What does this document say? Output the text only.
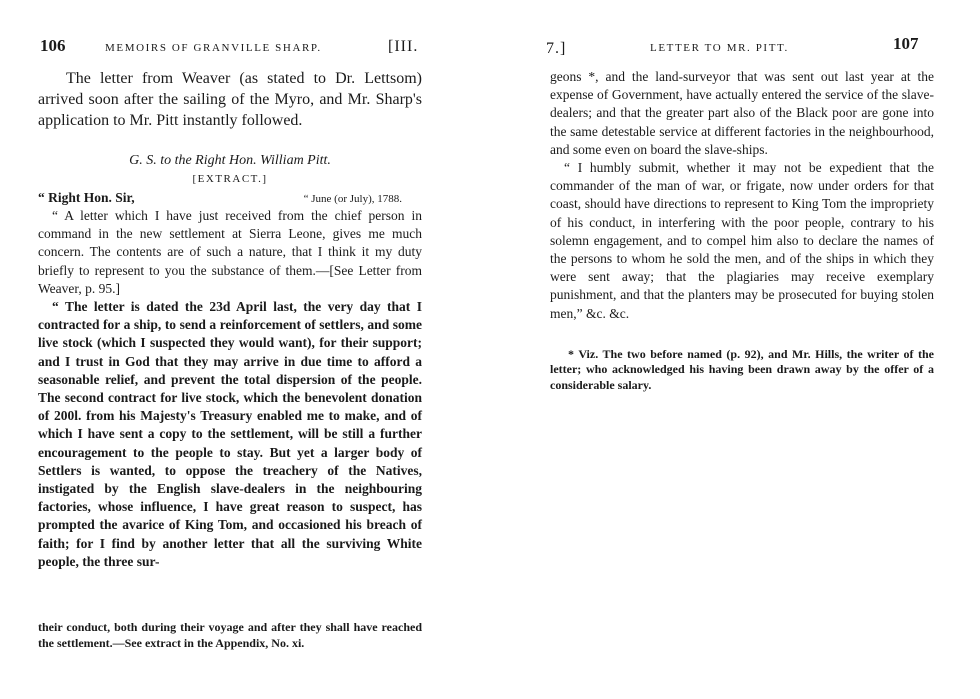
106	MEMOIRS OF GRANVILLE SHARP.	[III.

The letter from Weaver (as stated to Dr. Lettsom) arrived soon after the sailing of the Myro, and Mr. Sharp's application to Mr. Pitt instantly followed.

G. S. to the Right Hon. William Pitt.
[EXTRACT.]
“ Right Hon. Sir,	“ June (or July), 1788.

“ A letter which I have just received from the chief person in command in the new settlement at Sierra Leone, gives me much concern. The contents are of such a nature, that I think it my duty briefly to represent to you the substance of them.—[See Letter from Weaver, p. 95.]

“ The letter is dated the 23d April last, the very day that I contracted for a ship, to send a reinforcement of settlers, and some live stock (which I suspected they would want), for their support; and I trust in God that they may arrive in due time to afford a seasonable relief, and prevent the total dispersion of the people. The second contract for live stock, which the benevolent donation of 200l. from his Majesty's Treasury enabled me to make, and of which I have sent a copy to the settlement, will be still a further encouragement to the people to stay. But yet a larger body of Settlers is wanted, to oppose the treachery of the Natives, instigated by the English slave-dealers in the neighbouring factories, whose influence, I have great reason to suspect, has prompted the avarice of King Tom, and occasioned his breach of faith; for I find by another letter that all the surviving White people, the three sur-

their conduct, both during their voyage and after they shall have reached the settlement.—See extract in the Appendix, No. xi.

7.]	LETTER TO MR. PITT.	107

geons *, and the land-surveyor that was sent out last year at the expense of Government, have actually entered the service of the slave-dealers; and that the greater part also of the Black poor are gone into the same detestable service at different factories in the neighbourhood, and some even on board the slave-ships.

“ I humbly submit, whether it may not be expedient that the commander of the man of war, or frigate, now under orders for that coast, should have directions to represent to King Tom the impropriety of his conduct, in interfering with the poor people, contrary to his solemn engagement, and to compel him also to declare the names of the persons to whom he sold the men, and of the ships in which they were sent away; that the plagiaries may receive exemplary punishment, and that the planters may be prosecuted for buying stolen men,” &c. &c.

* Viz. The two before named (p. 92), and Mr. Hills, the writer of the letter; who acknowledged his having been drawn away by the offer of a considerable salary.
